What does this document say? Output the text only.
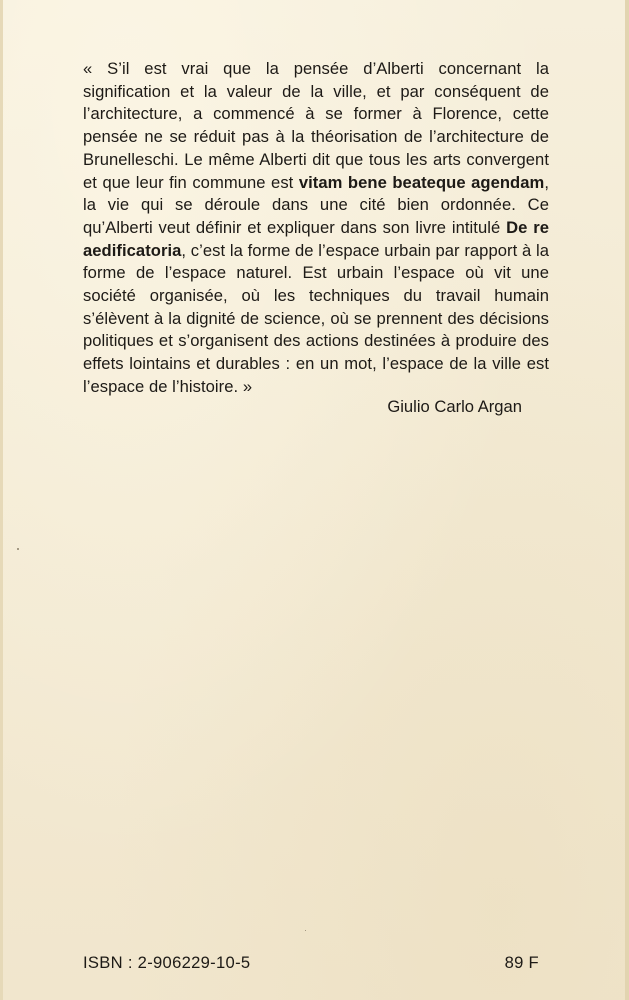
« S’il est vrai que la pensée d’Alberti concernant la signification et la valeur de la ville, et par conséquent de l’architecture, a commencé à se former à Florence, cette pensée ne se réduit pas à la théorisation de l’architecture de Brunelleschi. Le même Alberti dit que tous les arts convergent et que leur fin commune est vitam bene beateque agendam, la vie qui se déroule dans une cité bien ordonnée. Ce qu’Alberti veut définir et expliquer dans son livre intitulé De re aedificatoria, c’est la forme de l’espace urbain par rapport à la forme de l’espace naturel. Est urbain l’espace où vit une société organisée, où les techniques du travail humain s’élèvent à la dignité de science, où se prennent des décisions politiques et s’organisent des actions destinées à produire des effets lointains et durables : en un mot, l’espace de la ville est l’espace de l’histoire. »
Giulio Carlo Argan
ISBN : 2-906229-10-5	89 F
